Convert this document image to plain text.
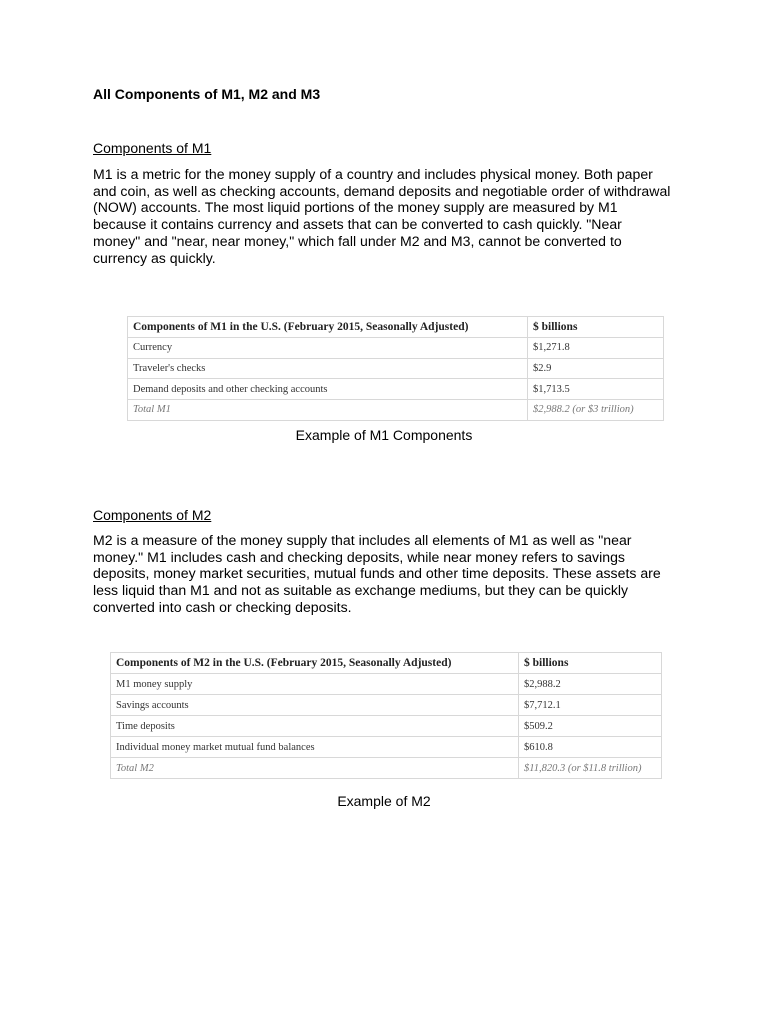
All Components of M1, M2 and M3
Components of M1
M1 is a metric for the money supply of a country and includes physical money. Both paper
and coin, as well as checking accounts, demand deposits and negotiable order of withdrawal
(NOW) accounts. The most liquid portions of the money supply are measured by M1
because it contains currency and assets that can be converted to cash quickly. "Near
money" and "near, near money," which fall under M2 and M3, cannot be converted to
currency as quickly.
Components of M1 in the U.S. (February 2015, Seasonally Adjusted)	$ billions
Currency	$1,271.8
Traveler's checks	$2.9
Demand deposits and other checking accounts	$1,713.5
Total M1	$2,988.2 (or $3 trillion)
Example of M1 Components
Components of M2
M2 is a measure of the money supply that includes all elements of M1 as well as "near
money." M1 includes cash and checking deposits, while near money refers to savings
deposits, money market securities, mutual funds and other time deposits. These assets are
less liquid than M1 and not as suitable as exchange mediums, but they can be quickly
converted into cash or checking deposits.
Components of M2 in the U.S. (February 2015, Seasonally Adjusted)	$ billions
M1 money supply	$2,988.2
Savings accounts	$7,712.1
Time deposits	$509.2
Individual money market mutual fund balances	$610.8
Total M2	$11,820.3 (or $11.8 trillion)
Example of M2
